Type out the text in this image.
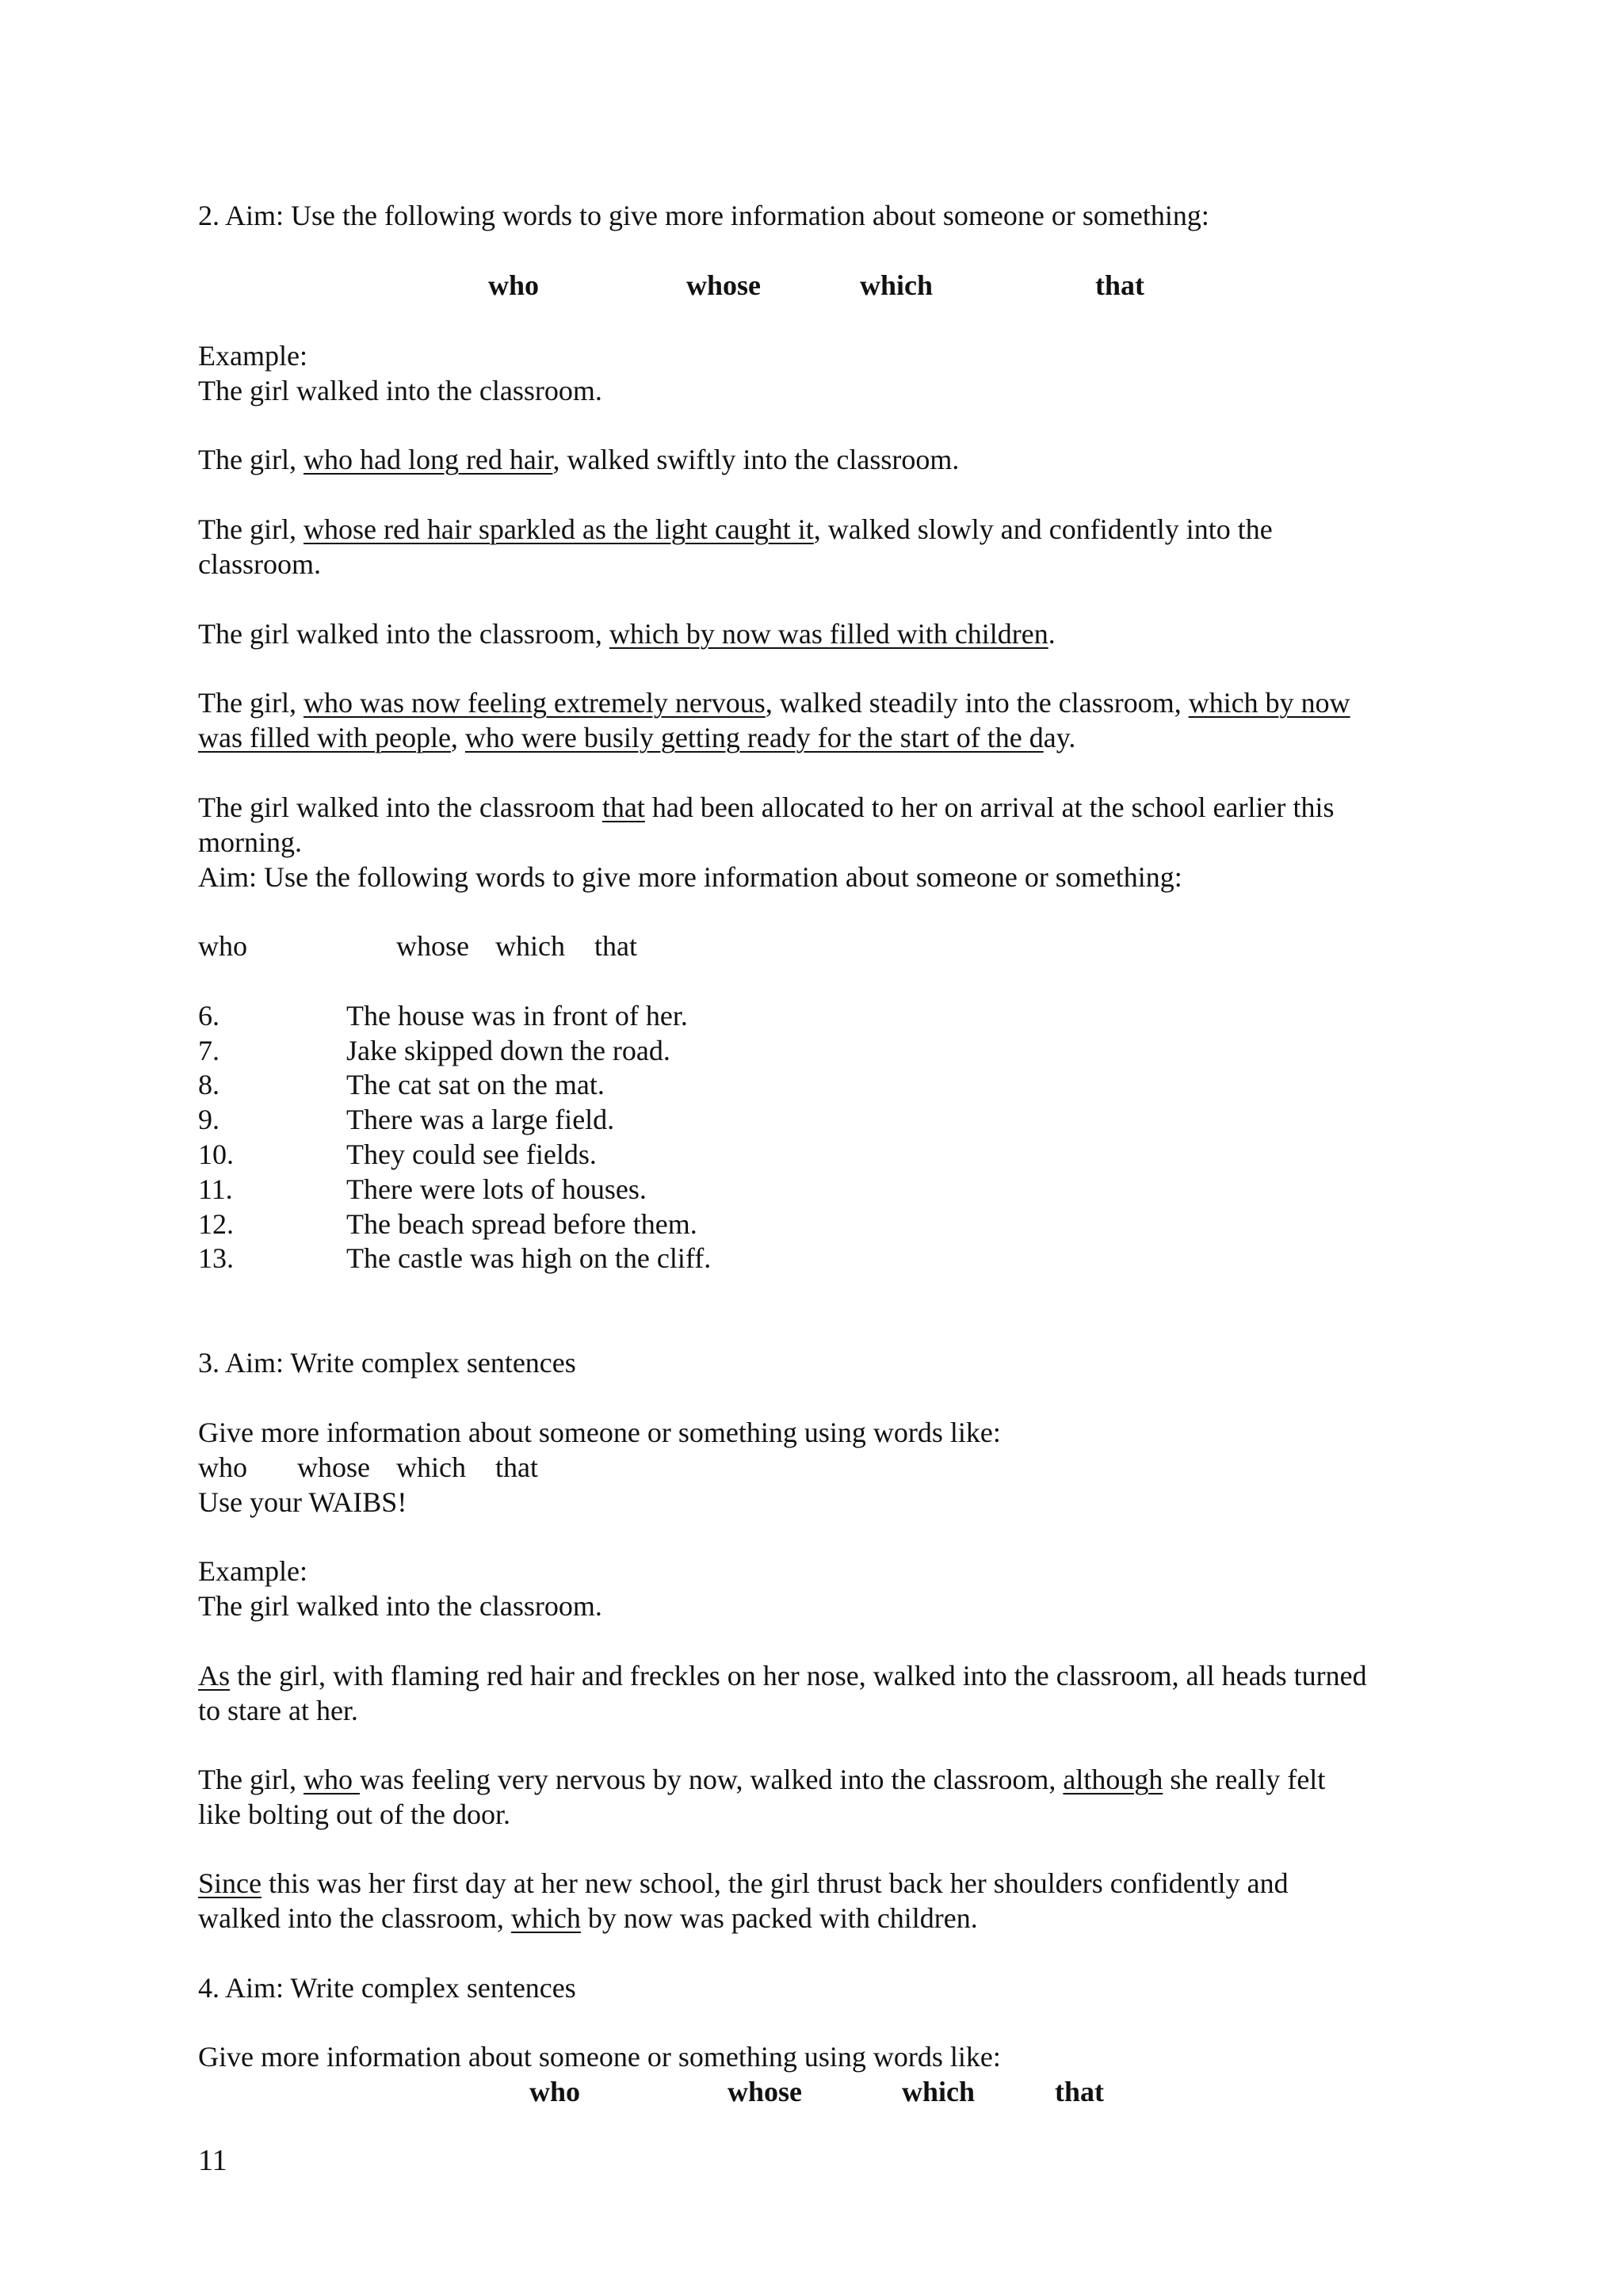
2. Aim: Use the following words to give more information about someone or something:

who	whose	which	that

Example:

The girl walked into the classroom.

The girl, who had long red hair, walked swiftly into the classroom.

The girl, whose red hair sparkled as the light caught it, walked slowly and confidently into the

classroom.

The girl walked into the classroom, which by now was filled with children.

The girl, who was now feeling extremely nervous, walked steadily into the classroom, which by now

was filled with people, who were busily getting ready for the start of the day.

The girl walked into the classroom that had been allocated to her on arrival at the school earlier this

morning.

Aim: Use the following words to give more information about someone or something:

who	whose which that
6.	The house was in front of her.
7.	Jake skipped down the road.
8.	The cat sat on the mat.
9.	There was a large field.
10.	They could see fields.
11.	There were lots of houses.
12.	The beach spread before them.
13.	The castle was high on the cliff.

3. Aim: Write complex sentences

Give more information about someone or something using words like:

who whose which that

Use your WAIBS!

Example:

The girl walked into the classroom.

As the girl, with flaming red hair and freckles on her nose, walked into the classroom, all heads turned

to stare at her.

The girl, who was feeling very nervous by now, walked into the classroom, although she really felt

like bolting out of the door.

Since this was her first day at her new school, the girl thrust back her shoulders confidently and

walked into the classroom, which by now was packed with children.

4. Aim: Write complex sentences

Give more information about someone or something using words like:

who	whose	which	that
11
